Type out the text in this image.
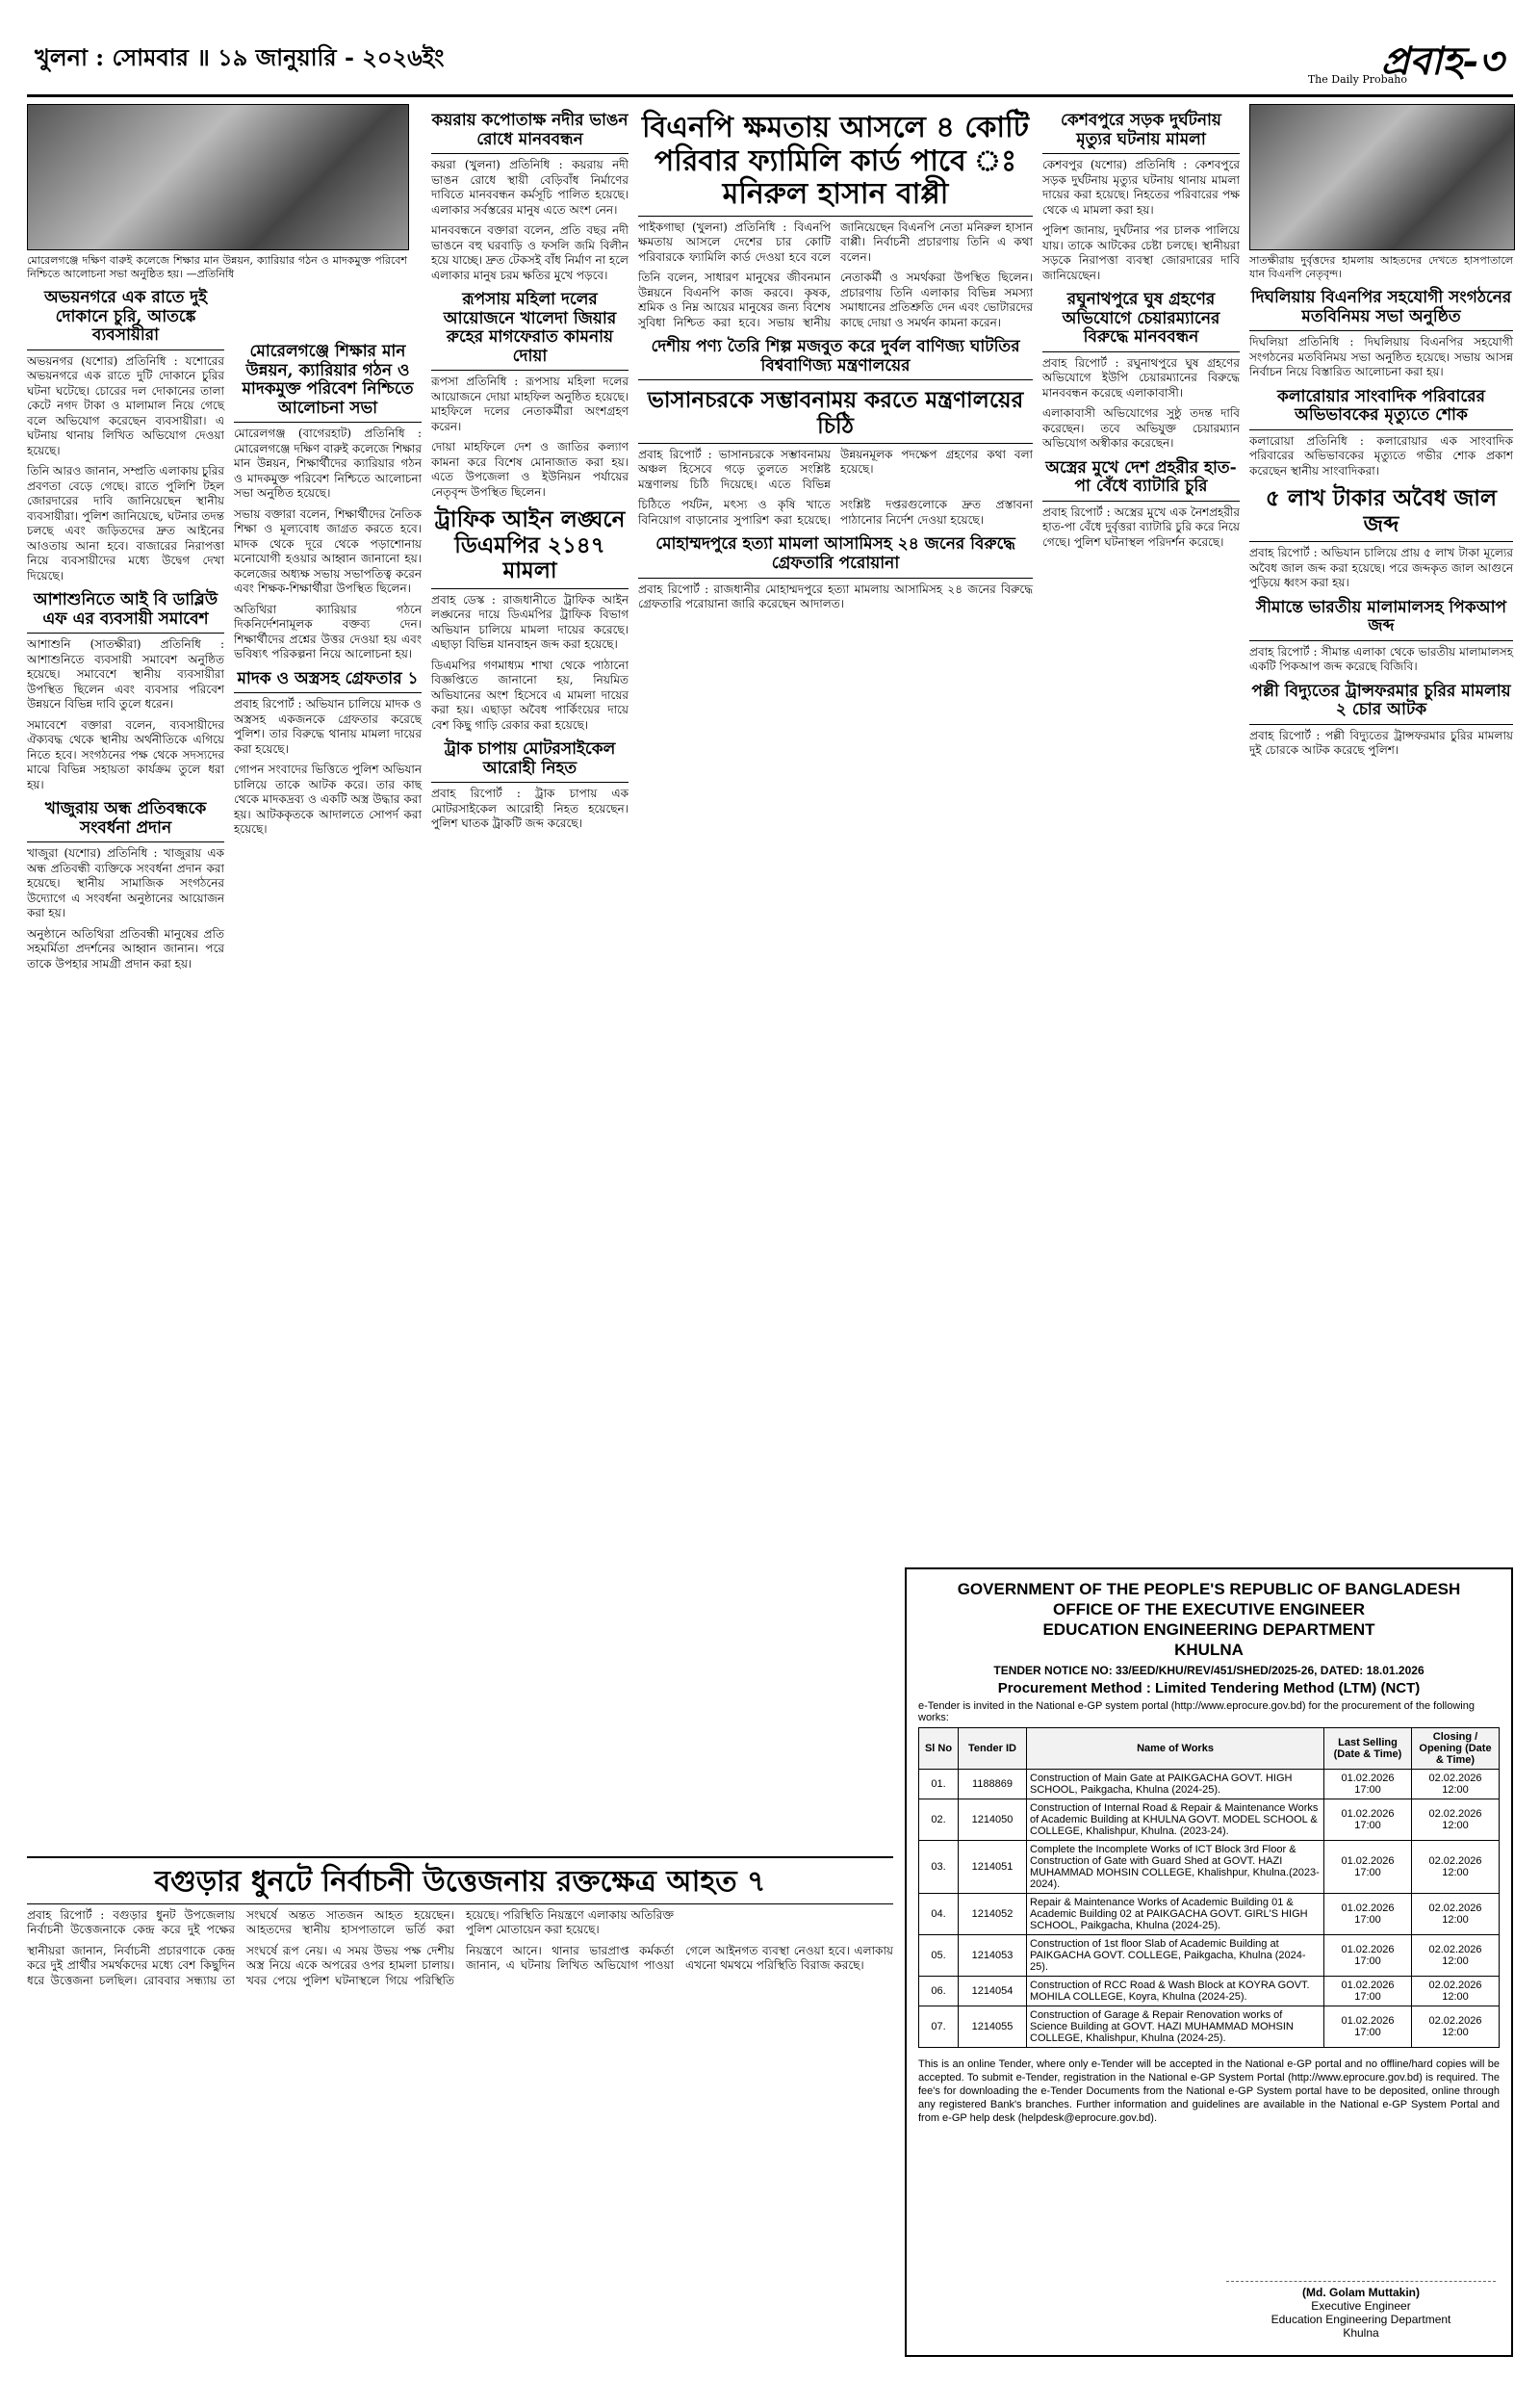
খুলনা : সোমবার ॥ ১৯ জানুয়ারি - ২০২৬ইং	প্রবাহ-৩
The Daily Probaho

মোরেলগঞ্জে দক্ষিণ বারুই কলেজে শিক্ষার মান উন্নয়ন, ক্যারিয়ার গঠন ও মাদকমুক্ত পরিবেশ নিশ্চিতে আলোচনা সভা অনুষ্ঠিত হয়। —প্রতিনিধি

অভয়নগরে এক রাতে দুই দোকানে চুরি, আতঙ্কে ব্যবসায়ীরা

অভয়নগর (যশোর) প্রতিনিধি : যশোরের অভয়নগরে এক রাতে দুটি দোকানে চুরির ঘটনা ঘটেছে। চোরের দল দোকানের তালা কেটে নগদ টাকা ও মালামাল নিয়ে গেছে বলে অভিযোগ করেছেন ব্যবসায়ীরা। এ ঘটনায় থানায় লিখিত অভিযোগ দেওয়া হয়েছে।

তিনি আরও জানান, সম্প্রতি এলাকায় চুরির প্রবণতা বেড়ে গেছে। রাতে পুলিশি টহল জোরদারের দাবি জানিয়েছেন স্থানীয় ব্যবসায়ীরা। পুলিশ জানিয়েছে, ঘটনার তদন্ত চলছে এবং জড়িতদের দ্রুত আইনের আওতায় আনা হবে। বাজারের নিরাপত্তা নিয়ে ব্যবসায়ীদের মধ্যে উদ্বেগ দেখা দিয়েছে।

আশাশুনিতে আই বি ডাব্লিউ এফ এর ব্যবসায়ী সমাবেশ

আশাশুনি (সাতক্ষীরা) প্রতিনিধি : আশাশুনিতে ব্যবসায়ী সমাবেশ অনুষ্ঠিত হয়েছে। সমাবেশে স্থানীয় ব্যবসায়ীরা উপস্থিত ছিলেন এবং ব্যবসার পরিবেশ উন্নয়নে বিভিন্ন দাবি তুলে ধরেন।

সমাবেশে বক্তারা বলেন, ব্যবসায়ীদের ঐক্যবদ্ধ থেকে স্থানীয় অর্থনীতিকে এগিয়ে নিতে হবে। সংগঠনের পক্ষ থেকে সদস্যদের মাঝে বিভিন্ন সহায়তা কার্যক্রম তুলে ধরা হয়।

খাজুরায় অন্ধ প্রতিবন্ধকে সংবর্ধনা প্রদান

খাজুরা (যশোর) প্রতিনিধি : খাজুরায় এক অন্ধ প্রতিবন্ধী ব্যক্তিকে সংবর্ধনা প্রদান করা হয়েছে। স্থানীয় সামাজিক সংগঠনের উদ্যোগে এ সংবর্ধনা অনুষ্ঠানের আয়োজন করা হয়।

অনুষ্ঠানে অতিথিরা প্রতিবন্ধী মানুষের প্রতি সহমর্মিতা প্রদর্শনের আহ্বান জানান। পরে তাকে উপহার সামগ্রী প্রদান করা হয়।

মোরেলগঞ্জে শিক্ষার মান উন্নয়ন, ক্যারিয়ার গঠন ও মাদকমুক্ত পরিবেশ নিশ্চিতে আলোচনা সভা

মোরেলগঞ্জ (বাগেরহাট) প্রতিনিধি : মোরেলগঞ্জে দক্ষিণ বারুই কলেজে শিক্ষার মান উন্নয়ন, শিক্ষার্থীদের ক্যারিয়ার গঠন ও মাদকমুক্ত পরিবেশ নিশ্চিতে আলোচনা সভা অনুষ্ঠিত হয়েছে।

সভায় বক্তারা বলেন, শিক্ষার্থীদের নৈতিক শিক্ষা ও মূল্যবোধ জাগ্রত করতে হবে। মাদক থেকে দূরে থেকে পড়াশোনায় মনোযোগী হওয়ার আহ্বান জানানো হয়। কলেজের অধ্যক্ষ সভায় সভাপতিত্ব করেন এবং শিক্ষক-শিক্ষার্থীরা উপস্থিত ছিলেন।

অতিথিরা ক্যারিয়ার গঠনে দিকনির্দেশনামূলক বক্তব্য দেন। শিক্ষার্থীদের প্রশ্নের উত্তর দেওয়া হয় এবং ভবিষ্যৎ পরিকল্পনা নিয়ে আলোচনা হয়।

মাদক ও অস্ত্রসহ গ্রেফতার ১

প্রবাহ রিপোর্ট : অভিযান চালিয়ে মাদক ও অস্ত্রসহ একজনকে গ্রেফতার করেছে পুলিশ। তার বিরুদ্ধে থানায় মামলা দায়ের করা হয়েছে।

গোপন সংবাদের ভিত্তিতে পুলিশ অভিযান চালিয়ে তাকে আটক করে। তার কাছ থেকে মাদকদ্রব্য ও একটি অস্ত্র উদ্ধার করা হয়। আটককৃতকে আদালতে সোপর্দ করা হয়েছে।

কয়রায় কপোতাক্ষ নদীর ভাঙন রোধে মানববন্ধন

কয়রা (খুলনা) প্রতিনিধি : কয়রায় নদী ভাঙন রোধে স্থায়ী বেড়িবাঁধ নির্মাণের দাবিতে মানববন্ধন কর্মসূচি পালিত হয়েছে। এলাকার সর্বস্তরের মানুষ এতে অংশ নেন।

মানববন্ধনে বক্তারা বলেন, প্রতি বছর নদী ভাঙনে বহু ঘরবাড়ি ও ফসলি জমি বিলীন হয়ে যাচ্ছে। দ্রুত টেকসই বাঁধ নির্মাণ না হলে এলাকার মানুষ চরম ক্ষতির মুখে পড়বে।

রূপসায় মহিলা দলের আয়োজনে খালেদা জিয়ার রুহের মাগফেরাত কামনায় দোয়া

রূপসা প্রতিনিধি : রূপসায় মহিলা দলের আয়োজনে দোয়া মাহফিল অনুষ্ঠিত হয়েছে। মাহফিলে দলের নেতাকর্মীরা অংশগ্রহণ করেন।

দোয়া মাহফিলে দেশ ও জাতির কল্যাণ কামনা করে বিশেষ মোনাজাত করা হয়। এতে উপজেলা ও ইউনিয়ন পর্যায়ের নেতৃবৃন্দ উপস্থিত ছিলেন।

ট্রাফিক আইন লঙ্ঘনে ডিএমপির ২১৪৭ মামলা

প্রবাহ ডেস্ক : রাজধানীতে ট্রাফিক আইন লঙ্ঘনের দায়ে ডিএমপির ট্রাফিক বিভাগ অভিযান চালিয়ে মামলা দায়ের করেছে। এছাড়া বিভিন্ন যানবাহন জব্দ করা হয়েছে।

ডিএমপির গণমাধ্যম শাখা থেকে পাঠানো বিজ্ঞপ্তিতে জানানো হয়, নিয়মিত অভিযানের অংশ হিসেবে এ মামলা দায়ের করা হয়। এছাড়া অবৈধ পার্কিংয়ের দায়ে বেশ কিছু গাড়ি রেকার করা হয়েছে।

ট্রাক চাপায় মোটরসাইকেল আরোহী নিহত

প্রবাহ রিপোর্ট : ট্রাক চাপায় এক মোটরসাইকেল আরোহী নিহত হয়েছেন। পুলিশ ঘাতক ট্রাকটি জব্দ করেছে।

বিএনপি ক্ষমতায় আসলে ৪ কোটি পরিবার ফ্যামিলি কার্ড পাবে ঃ মনিরুল হাসান বাপ্পী

পাইকগাছা (খুলনা) প্রতিনিধি : বিএনপি ক্ষমতায় আসলে দেশের চার কোটি পরিবারকে ফ্যামিলি কার্ড দেওয়া হবে বলে জানিয়েছেন বিএনপি নেতা মনিরুল হাসান বাপ্পী। নির্বাচনী প্রচারণায় তিনি এ কথা বলেন।

তিনি বলেন, সাধারণ মানুষের জীবনমান উন্নয়নে বিএনপি কাজ করবে। কৃষক, শ্রমিক ও নিম্ন আয়ের মানুষের জন্য বিশেষ সুবিধা নিশ্চিত করা হবে। সভায় স্থানীয় নেতাকর্মী ও সমর্থকরা উপস্থিত ছিলেন। প্রচারণায় তিনি এলাকার বিভিন্ন সমস্যা সমাধানের প্রতিশ্রুতি দেন এবং ভোটারদের কাছে দোয়া ও সমর্থন কামনা করেন।

দেশীয় পণ্য তৈরি শিল্প মজবুত করে দুর্বল বাণিজ্য ঘাটতির বিশ্ববাণিজ্য মন্ত্রণালয়ের
ভাসানচরকে সম্ভাবনাময় করতে মন্ত্রণালয়ের চিঠি

প্রবাহ রিপোর্ট : ভাসানচরকে সম্ভাবনাময় অঞ্চল হিসেবে গড়ে তুলতে সংশ্লিষ্ট মন্ত্রণালয় চিঠি দিয়েছে। এতে বিভিন্ন উন্নয়নমূলক পদক্ষেপ গ্রহণের কথা বলা হয়েছে।

চিঠিতে পর্যটন, মৎস্য ও কৃষি খাতে বিনিয়োগ বাড়ানোর সুপারিশ করা হয়েছে। সংশ্লিষ্ট দপ্তরগুলোকে দ্রুত প্রস্তাবনা পাঠানোর নির্দেশ দেওয়া হয়েছে।

মোহাম্মদপুরে হত্যা মামলা আসামিসহ ২৪ জনের বিরুদ্ধে গ্রেফতারি পরোয়ানা

প্রবাহ রিপোর্ট : রাজধানীর মোহাম্মদপুরে হত্যা মামলায় আসামিসহ ২৪ জনের বিরুদ্ধে গ্রেফতারি পরোয়ানা জারি করেছেন আদালত।

কেশবপুরে সড়ক দুর্ঘটনায় মৃত্যুর ঘটনায় মামলা

কেশবপুর (যশোর) প্রতিনিধি : কেশবপুরে সড়ক দুর্ঘটনায় মৃত্যুর ঘটনায় থানায় মামলা দায়ের করা হয়েছে। নিহতের পরিবারের পক্ষ থেকে এ মামলা করা হয়।

পুলিশ জানায়, দুর্ঘটনার পর চালক পালিয়ে যায়। তাকে আটকের চেষ্টা চলছে। স্থানীয়রা সড়কে নিরাপত্তা ব্যবস্থা জোরদারের দাবি জানিয়েছেন।

রঘুনাথপুরে ঘুষ গ্রহণের অভিযোগে চেয়ারম্যানের বিরুদ্ধে মানববন্ধন

প্রবাহ রিপোর্ট : রঘুনাথপুরে ঘুষ গ্রহণের অভিযোগে ইউপি চেয়ারম্যানের বিরুদ্ধে মানববন্ধন করেছে এলাকাবাসী।

এলাকাবাসী অভিযোগের সুষ্ঠু তদন্ত দাবি করেছেন। তবে অভিযুক্ত চেয়ারম্যান অভিযোগ অস্বীকার করেছেন।

অস্ত্রের মুখে দেশ প্রহরীর হাত-পা বেঁধে ব্যাটারি চুরি

প্রবাহ রিপোর্ট : অস্ত্রের মুখে এক নৈশপ্রহরীর হাত-পা বেঁধে দুর্বৃত্তরা ব্যাটারি চুরি করে নিয়ে গেছে। পুলিশ ঘটনাস্থল পরিদর্শন করেছে।

সাতক্ষীরায় দুর্বৃত্তদের হামলায় আহতদের দেখতে হাসপাতালে যান বিএনপি নেতৃবৃন্দ।

দিঘলিয়ায় বিএনপির সহযোগী সংগঠনের মতবিনিময় সভা অনুষ্ঠিত

দিঘলিয়া প্রতিনিধি : দিঘলিয়ায় বিএনপির সহযোগী সংগঠনের মতবিনিময় সভা অনুষ্ঠিত হয়েছে। সভায় আসন্ন নির্বাচন নিয়ে বিস্তারিত আলোচনা করা হয়।

কলারোয়ার সাংবাদিক পরিবারের অভিভাবকের মৃত্যুতে শোক

কলারোয়া প্রতিনিধি : কলারোয়ার এক সাংবাদিক পরিবারের অভিভাবকের মৃত্যুতে গভীর শোক প্রকাশ করেছেন স্থানীয় সাংবাদিকরা।

৫ লাখ টাকার অবৈধ জাল জব্দ

প্রবাহ রিপোর্ট : অভিযান চালিয়ে প্রায় ৫ লাখ টাকা মূল্যের অবৈধ জাল জব্দ করা হয়েছে। পরে জব্দকৃত জাল আগুনে পুড়িয়ে ধ্বংস করা হয়।

সীমান্তে ভারতীয় মালামালসহ পিকআপ জব্দ

প্রবাহ রিপোর্ট : সীমান্ত এলাকা থেকে ভারতীয় মালামালসহ একটি পিকআপ জব্দ করেছে বিজিবি।

পল্লী বিদ্যুতের ট্রান্সফরমার চুরির মামলায় ২ চোর আটক

প্রবাহ রিপোর্ট : পল্লী বিদ্যুতের ট্রান্সফরমার চুরির মামলায় দুই চোরকে আটক করেছে পুলিশ।

বগুড়ার ধুনটে নির্বাচনী উত্তেজনায় রক্তক্ষেত্র আহত ৭

প্রবাহ রিপোর্ট : বগুড়ার ধুনট উপজেলায় নির্বাচনী উত্তেজনাকে কেন্দ্র করে দুই পক্ষের সংঘর্ষে অন্তত সাতজন আহত হয়েছেন। আহতদের স্থানীয় হাসপাতালে ভর্তি করা হয়েছে। পরিস্থিতি নিয়ন্ত্রণে এলাকায় অতিরিক্ত পুলিশ মোতায়েন করা হয়েছে।

স্থানীয়রা জানান, নির্বাচনী প্রচারণাকে কেন্দ্র করে দুই প্রার্থীর সমর্থকদের মধ্যে বেশ কিছুদিন ধরে উত্তেজনা চলছিল। রোববার সন্ধ্যায় তা সংঘর্ষে রূপ নেয়। এ সময় উভয় পক্ষ দেশীয় অস্ত্র নিয়ে একে অপরের ওপর হামলা চালায়। খবর পেয়ে পুলিশ ঘটনাস্থলে গিয়ে পরিস্থিতি নিয়ন্ত্রণে আনে। থানার ভারপ্রাপ্ত কর্মকর্তা জানান, এ ঘটনায় লিখিত অভিযোগ পাওয়া গেলে আইনগত ব্যবস্থা নেওয়া হবে। এলাকায় এখনো থমথমে পরিস্থিতি বিরাজ করছে।

GOVERNMENT OF THE PEOPLE'S REPUBLIC OF BANGLADESH
OFFICE OF THE EXECUTIVE ENGINEER
EDUCATION ENGINEERING DEPARTMENT
KHULNA
TENDER NOTICE NO: 33/EED/KHU/REV/451/SHED/2025-26, DATED: 18.01.2026
Procurement Method : Limited Tendering Method (LTM) (NCT)
e-Tender is invited in the National e-GP system portal (http://www.eprocure.gov.bd) for the procurement of the following works:
Sl No	Tender ID	Name of Works	Last Selling (Date & Time)	Closing / Opening (Date & Time)
01.	1188869	Construction of Main Gate at PAIKGACHA GOVT. HIGH SCHOOL, Paikgacha, Khulna (2024-25).	01.02.2026 17:00	02.02.2026 12:00
02.	1214050	Construction of Internal Road & Repair & Maintenance Works of Academic Building at KHULNA GOVT. MODEL SCHOOL & COLLEGE, Khalishpur, Khulna. (2023-24).	01.02.2026 17:00	02.02.2026 12:00
03.	1214051	Complete the Incomplete Works of ICT Block 3rd Floor & Construction of Gate with Guard Shed at GOVT. HAZI MUHAMMAD MOHSIN COLLEGE, Khalishpur, Khulna.(2023-2024).	01.02.2026 17:00	02.02.2026 12:00
04.	1214052	Repair & Maintenance Works of Academic Building 01 & Academic Building 02 at PAIKGACHA GOVT. GIRL'S HIGH SCHOOL, Paikgacha, Khulna (2024-25).	01.02.2026 17:00	02.02.2026 12:00
05.	1214053	Construction of 1st floor Slab of Academic Building at PAIKGACHA GOVT. COLLEGE, Paikgacha, Khulna (2024-25).	01.02.2026 17:00	02.02.2026 12:00
06.	1214054	Construction of RCC Road & Wash Block at KOYRA GOVT. MOHILA COLLEGE, Koyra, Khulna (2024-25).	01.02.2026 17:00	02.02.2026 12:00
07.	1214055	Construction of Garage & Repair Renovation works of Science Building at GOVT. HAZI MUHAMMAD MOHSIN COLLEGE, Khalishpur, Khulna (2024-25).	01.02.2026 17:00	02.02.2026 12:00
This is an online Tender, where only e-Tender will be accepted in the National e-GP portal and no offline/hard copies will be accepted. To submit e-Tender, registration in the National e-GP System Portal (http://www.eprocure.gov.bd) is required. The fee's for downloading the e-Tender Documents from the National e-GP System portal have to be deposited, online through any registered Bank's branches. Further information and guidelines are available in the National e-GP System Portal and from e-GP help desk (helpdesk@eprocure.gov.bd).
(Md. Golam Muttakin)
Executive Engineer
Education Engineering Department
Khulna
